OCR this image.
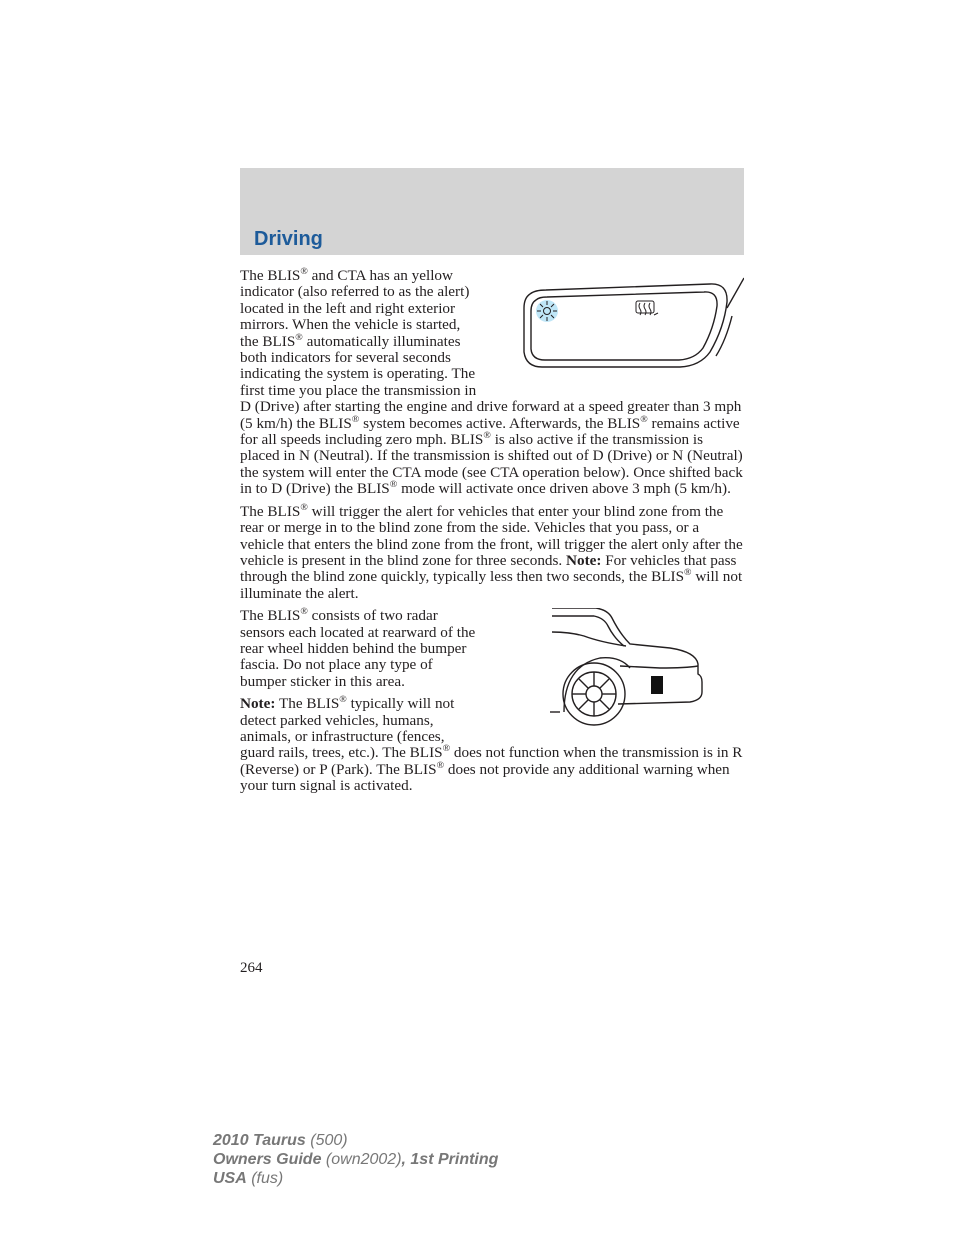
Driving

The BLIS® and CTA has an yellow indicator (also referred to as the alert) located in the left and right exterior mirrors. When the vehicle is started, the BLIS® automatically illuminates both indicators for several seconds indicating the system is operating. The first time you place the transmission in D (Drive) after starting the engine and drive forward at a speed greater than 3 mph (5 km/h) the BLIS® system becomes active. Afterwards, the BLIS® remains active for all speeds including zero mph. BLIS® is also active if the transmission is placed in N (Neutral). If the transmission is shifted out of D (Drive) or N (Neutral) the system will enter the CTA mode (see CTA operation below). Once shifted back in to D (Drive) the BLIS® mode will activate once driven above 3 mph (5 km/h).

The BLIS® will trigger the alert for vehicles that enter your blind zone from the rear or merge in to the blind zone from the side. Vehicles that you pass, or a vehicle that enters the blind zone from the front, will trigger the alert only after the vehicle is present in the blind zone for three seconds. Note: For vehicles that pass through the blind zone quickly, typically less then two seconds, the BLIS® will not illuminate the alert.

The BLIS® consists of two radar sensors each located at rearward of the rear wheel hidden behind the bumper fascia. Do not place any type of bumper sticker in this area.

Note: The BLIS® typically will not detect parked vehicles, humans, animals, or infrastructure (fences, guard rails, trees, etc.). The BLIS® does not function when the transmission is in R (Reverse) or P (Park). The BLIS® does not provide any additional warning when your turn signal is activated.

264
2010 Taurus (500)
Owners Guide (own2002), 1st Printing
USA (fus)
